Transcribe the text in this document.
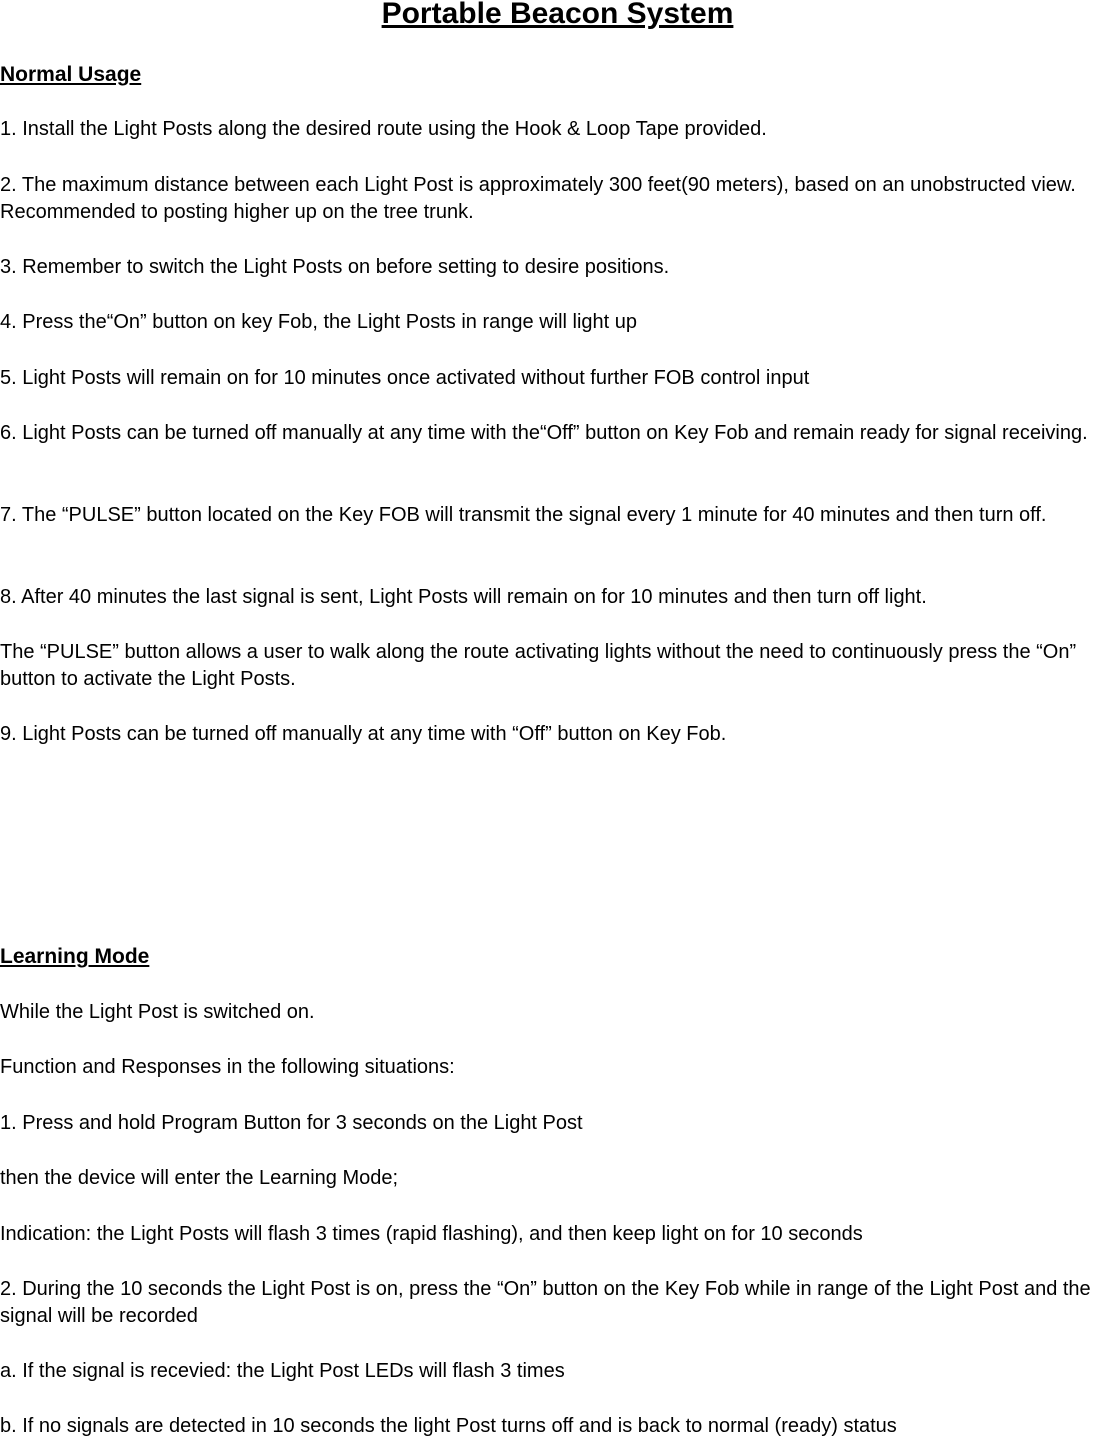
Portable Beacon System
Normal Usage

1. Install the Light Posts along the desired route using the Hook & Loop Tape provided.

2. The maximum distance between each Light Post is approximately 300 feet(90 meters), based on an unobstructed view. Recommended to posting higher up on the tree trunk.

3. Remember to switch the Light Posts on before setting to desire positions.

4. Press the“On” button on key Fob, the Light Posts in range will light up

5. Light Posts will remain on for 10 minutes once activated without further FOB control input

6. Light Posts can be turned off manually at any time with the“Off” button on Key Fob and remain ready for signal receiving.

7. The “PULSE” button located on the Key FOB will transmit the signal every 1 minute for 40 minutes and then turn off.

8. After 40 minutes the last signal is sent, Light Posts will remain on for 10 minutes and then turn off light.

The “PULSE” button allows a user to walk along the route activating lights without the need to continuously press the “On” button to activate the Light Posts.

9. Light Posts can be turned off manually at any time with “Off” button on Key Fob.

Learning Mode

While the Light Post is switched on.

Function and Responses in the following situations:

1. Press and hold Program Button for 3 seconds on the Light Post

then the device will enter the Learning Mode;

Indication: the Light Posts will flash 3 times (rapid flashing), and then keep light on for 10 seconds

2. During the 10 seconds the Light Post is on, press the “On” button on the Key Fob while in range of the Light Post and the signal will be recorded

a. If the signal is recevied: the Light Post LEDs will flash 3 times

b. If no signals are detected in 10 seconds the light Post turns off and is back to normal (ready) status
